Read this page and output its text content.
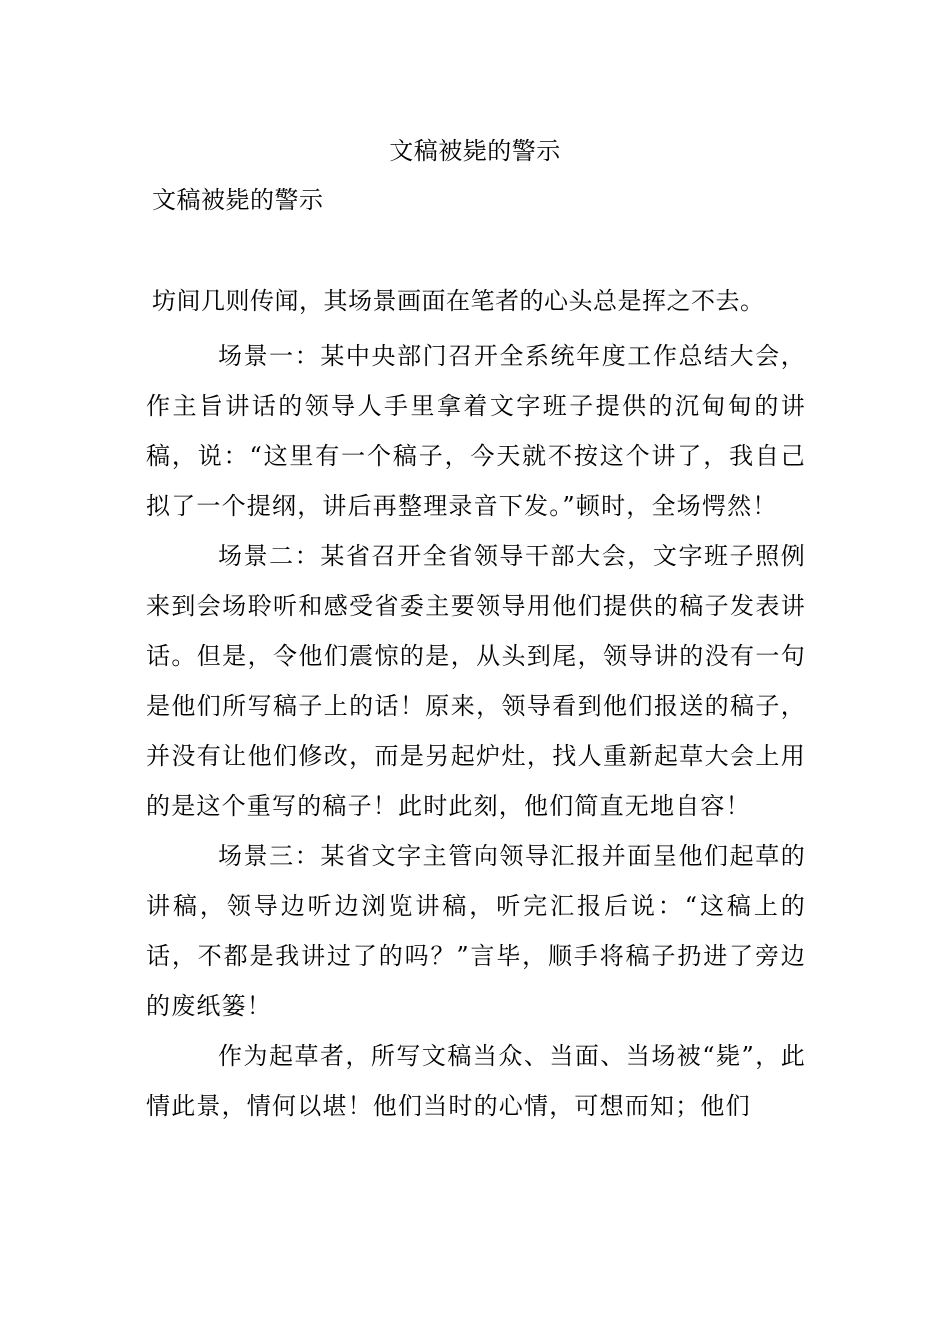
文稿被毙的警示
文稿被毙的警示
坊间几则传闻，其场景画面在笔者的心头总是挥之不去。

场景一：某中央部门召开全系统年度工作总结大会，作主旨讲话的领导人手里拿着文字班子提供的沉甸甸的讲稿，说：“这里有一个稿子，今天就不按这个讲了，我自己拟了一个提纲，讲后再整理录音下发。”顿时，全场愕然！

场景二：某省召开全省领导干部大会，文字班子照例来到会场聆听和感受省委主要领导用他们提供的稿子发表讲话。但是，令他们震惊的是，从头到尾，领导讲的没有一句是他们所写稿子上的话！原来，领导看到他们报送的稿子，并没有让他们修改，而是另起炉灶，找人重新起草大会上用的是这个重写的稿子！此时此刻，他们简直无地自容！

场景三：某省文字主管向领导汇报并面呈他们起草的讲稿，领导边听边浏览讲稿，听完汇报后说：“这稿上的话，不都是我讲过了的吗？”言毕，顺手将稿子扔进了旁边的废纸篓！

作为起草者，所写文稿当众、当面、当场被“毙”，此情此景，情何以堪！他们当时的心情，可想而知；他们
